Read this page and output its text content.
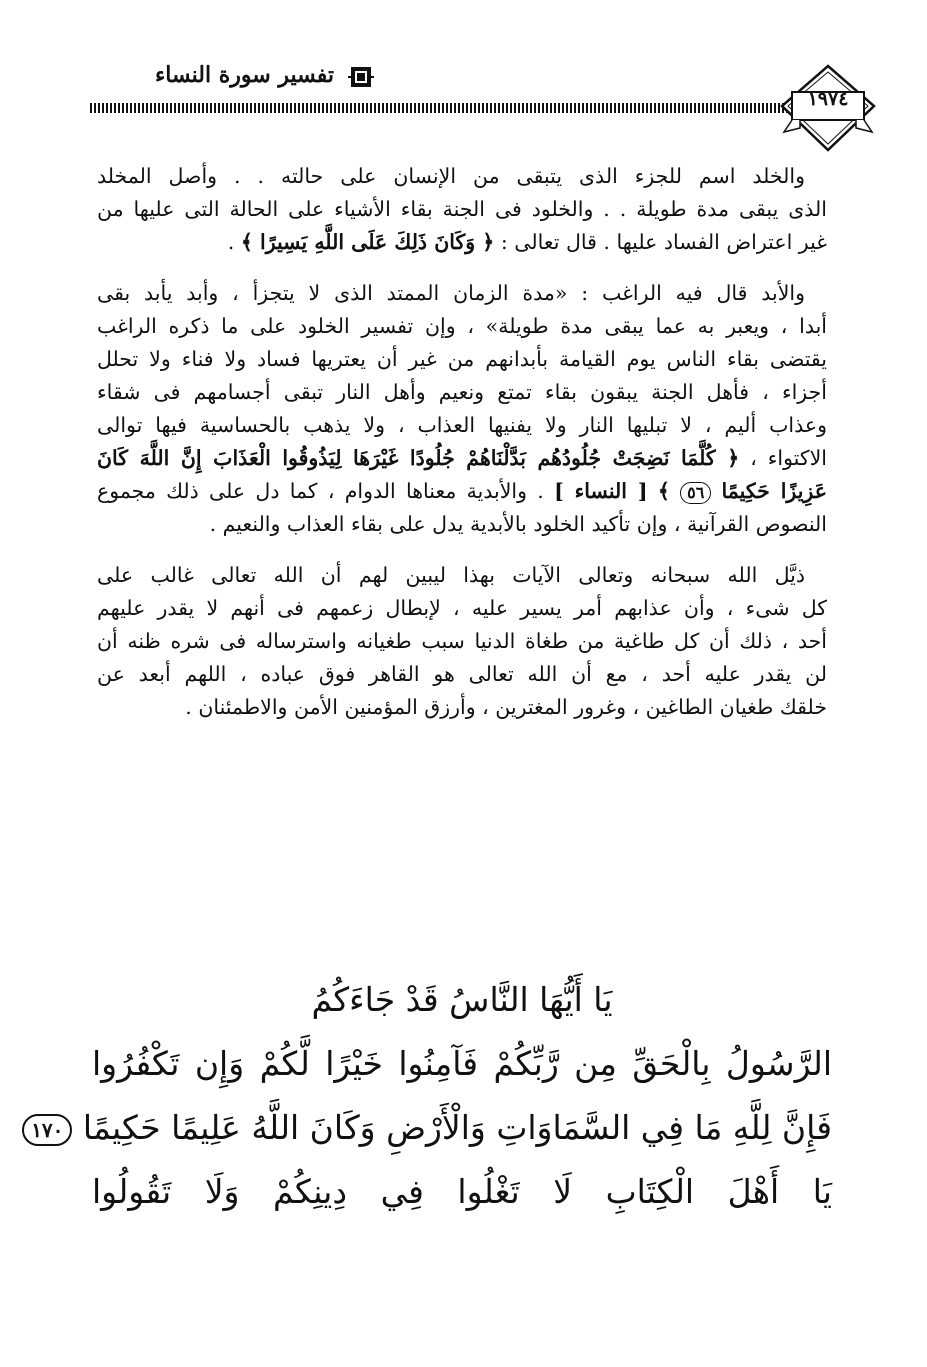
تفسير سورة النساء
١٩٧٤
والخلد اسم للجزء الذى يتبقى من الإنسان على حالته . . وأصل المخلد
الذى يبقى مدة طويلة . . والخلود فى الجنة بقاء الأشياء على الحالة التى عليها من
غير اعتراض الفساد عليها . قال تعالى : ﴿ وَكَانَ ذَلِكَ عَلَى اللَّهِ يَسِيرًا ﴾ .
والأبد قال فيه الراغب : «مدة الزمان الممتد الذى لا يتجزأ ، وأبد يأبد بقى
أبدا ، ويعبر به عما يبقى مدة طويلة» ، وإن تفسير الخلود على ما ذكره الراغب
يقتضى بقاء الناس يوم القيامة بأبدانهم من غير أن يعتريها فساد ولا فناء ولا تحلل
أجزاء ، فأهل الجنة يبقون بقاء تمتع ونعيم وأهل النار تبقى أجسامهم فى شقاء
وعذاب أليم ، لا تبليها النار ولا يفنيها العذاب ، ولا يذهب بالحساسية فيها توالى
الاكتواء ، ﴿ كُلَّمَا نَضِجَتْ جُلُودُهُم بَدَّلْنَاهُمْ جُلُودًا غَيْرَهَا لِيَذُوقُوا الْعَذَابَ إِنَّ اللَّهَ كَانَ
عَزِيزًا حَكِيمًا ٥٦ ﴾ [ النساء ] . والأبدية معناها الدوام ، كما دل على ذلك مجموع
النصوص القرآنية ، وإن تأكيد الخلود بالأبدية يدل على بقاء العذاب والنعيم .
ذيَّل الله سبحانه وتعالى الآيات بهذا ليبين لهم أن الله تعالى غالب على
كل شىء ، وأن عذابهم أمر يسير عليه ، لإبطال زعمهم فى أنهم لا يقدر عليهم
أحد ، ذلك أن كل طاغية من طغاة الدنيا سبب طغيانه واسترساله فى شره ظنه أن
لن يقدر عليه أحد ، مع أن الله تعالى هو القاهر فوق عباده ، اللهم أبعد عن
خلقك طغيان الطاغين ، وغرور المغترين ، وأرزق المؤمنين الأمن والاطمئنان .
يَا أَيُّهَا النَّاسُ قَدْ جَاءَكُمُ
الرَّسُولُ بِالْحَقِّ مِن رَّبِّكُمْ فَآمِنُوا خَيْرًا لَّكُمْ وَإِن تَكْفُرُوا
فَإِنَّ لِلَّهِ مَا فِي السَّمَاوَاتِ وَالْأَرْضِ وَكَانَ اللَّهُ عَلِيمًا حَكِيمًا ١٧٠
يَا أَهْلَ الْكِتَابِ لَا تَغْلُوا فِي دِينِكُمْ وَلَا تَقُولُوا
